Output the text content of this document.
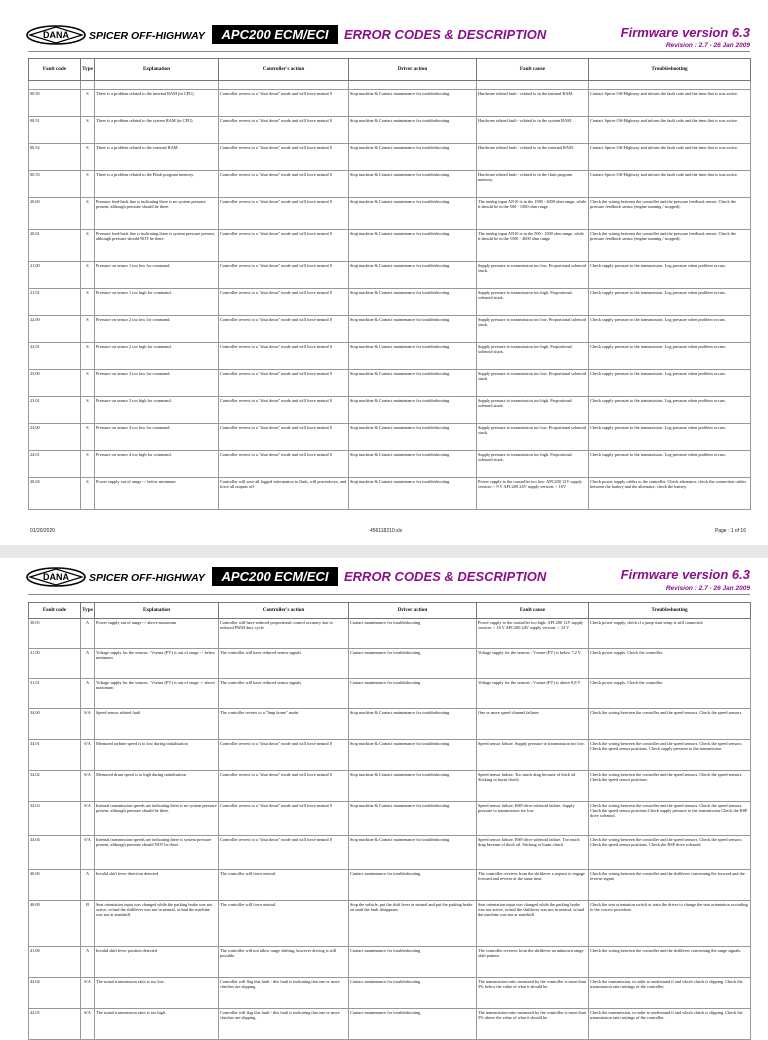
DANA SPICER OFF-HIGHWAY	APC200 ECM/ECI	ERROR CODES & DESCRIPTION	Firmware version 6.3
Revision : 2.7 - 26 Jan 2009
Fault code	Type	Explanation	Controller's action	Driver action	Fault cause	Troubleshooting

00.50	S	There is a problem related to the internal RAM (in CPU).	Controller reverts to a "shut down" mode and will force neutral 0	Stop machine & Contact maintenance for troubleshooting	Hardware related fault - related to in the internal RAM.	Contact Spicer Off-Highway and inform the fault code and the time that is was active.
00.51	S	There is a problem related to the system RAM (in CPU).	Controller reverts to a "shut down" mode and will force neutral 0	Stop machine & Contact maintenance for troubleshooting	Hardware related fault - related to in the system RAM.	Contact Spicer Off-Highway and inform the fault code and the time that is was active.
00.52	S	There is a problem related to the external RAM.	Controller reverts to a "shut down" mode and will force neutral 0	Stop machine & Contact maintenance for troubleshooting	Hardware related fault - related to in the external RAM.	Contact Spicer Off-Highway and inform the fault code and the time that is was active.
00.53	S	There is a problem related to the Flash program memory.	Controller reverts to a "shut down" mode and will force neutral 0	Stop machine & Contact maintenance for troubleshooting	Hardware related fault - related to in the flash program memory.	Contact Spicer Off-Highway and inform the fault code and the time that is was active.
20.60	S	Pressure feed-back line is indicating there is no system pressure present, although pressure should be there.	Controller reverts to a "shut down" mode and will force neutral 0	Stop machine & Contact maintenance for troubleshooting	The analog input AN10 is in the 1580 - 4000 ohm range, while it should be in the 500 - 1500 ohm range	Check the wiring between the controller and the pressure feedback sensor. Check the pressure feedback sensor (engine running / stopped).
20.61	S	Pressure feed-back line is indicating there is system pressure present, although pressure should NOT be there.	Controller reverts to a "shut down" mode and will force neutral 0	Stop machine & Contact maintenance for troubleshooting	The analog input AN10 is in the 500 - 1500 ohm range, while it should be in the 1500 - 4000 ohm range	Check the wiring between the controller and the pressure feedback sensor. Check the pressure feedback sensor (engine running / stopped).
21.00	S	Pressure on sensor 1 too low for command.	Controller reverts to a "shut down" mode and will force neutral 0	Stop machine & Contact maintenance for troubleshooting	Supply pressure to transmission too low. Proportional solenoid stuck.	Check supply pressure to the transmission. Log pressure when problem occurs.
21.01	S	Pressure on sensor 1 too high for command.	Controller reverts to a "shut down" mode and will force neutral 0	Stop machine & Contact maintenance for troubleshooting	Supply pressure to transmission too high. Proportional solenoid stuck.	Check supply pressure to the transmission. Log pressure when problem occurs.
22.00	S	Pressure on sensor 2 too low for command.	Controller reverts to a "shut down" mode and will force neutral 0	Stop machine & Contact maintenance for troubleshooting	Supply pressure to transmission too low. Proportional solenoid stuck.	Check supply pressure to the transmission. Log pressure when problem occurs.
22.01	S	Pressure on sensor 2 too high for command.	Controller reverts to a "shut down" mode and will force neutral 0	Stop machine & Contact maintenance for troubleshooting	Supply pressure to transmission too high. Proportional solenoid stuck.	Check supply pressure to the transmission. Log pressure when problem occurs.
23.00	S	Pressure on sensor 3 too low for command.	Controller reverts to a "shut down" mode and will force neutral 0	Stop machine & Contact maintenance for troubleshooting	Supply pressure to transmission too low. Proportional solenoid stuck.	Check supply pressure to the transmission. Log pressure when problem occurs.
23.01	S	Pressure on sensor 3 too high for command.	Controller reverts to a "shut down" mode and will force neutral 0	Stop machine & Contact maintenance for troubleshooting	Supply pressure to transmission too high. Proportional solenoid stuck.	Check supply pressure to the transmission. Log pressure when problem occurs.
24.00	S	Pressure on sensor 4 too low for command.	Controller reverts to a "shut down" mode and will force neutral 0	Stop machine & Contact maintenance for troubleshooting	Supply pressure to transmission too low. Proportional solenoid stuck.	Check supply pressure to the transmission. Log pressure when problem occurs.
24.01	S	Pressure on sensor 4 too high for command.	Controller reverts to a "shut down" mode and will force neutral 0	Stop machine & Contact maintenance for troubleshooting	Supply pressure to transmission too high. Proportional solenoid stuck.	Check supply pressure to the transmission. Log pressure when problem occurs.
30.04	S	Power supply out of range -> below minimum	Controller will save all logged information to flash, will powerdown, and force all outputs off	Stop machine & Contact maintenance for troubleshooting	Power supply to the controller too low: APC200 12V supply version: < 9 V APC200 24V supply version: < 16V	Check power supply cables to the controller. Check alternator, check the connection cables between the battery and the alternator, check the battery.
01/20/2020	456118210.xls	Page : 1 of 16
DANA SPICER OFF-HIGHWAY	APC200 ECM/ECI	ERROR CODES & DESCRIPTION	Firmware version 6.3
Revision : 2.7 - 26 Jan 2009
Fault code	Type	Explanation	Controller's action	Driver action	Fault cause	Troubleshooting
30.05	A	Power supply out of range -> above maximum	Controller will have reduced proportional control accuracy due to reduced PWM duty cycle	Contact maintenance for troubleshooting	Power supply to the controller too high: APC200 12V supply version: > 16 V APC200 24V supply version: > 32 V	Check power supply, check if a jump start setup is still connected.
31.00	A	Voltage supply for the sensors : Vsense (FV) is out of range -> below minimum	The controller will have reduced sensor signals	Contact maintenance for troubleshooting	Voltage supply for the sensors : Vsense (FV) is below 7,2 V	Check power supply. Check the controller.
31.01	A	Voltage supply for the sensors : Vsense (FV) is out of range -> above maximum	The controller will have reduced sensor signals	Contact maintenance for troubleshooting	Voltage supply for the sensors : Vsense (FV) is above 8,8 V	Check power supply. Check the controller.
34.00	S/A	Speed sensor related fault	The controller reverts to a "limp home" mode.	Stop machine & Contact maintenance for troubleshooting	One or more speed channel failures	Check the wiring between the controller and the speed sensors. Check the speed sensors.
34.01	S/A	Measured turbine speed is to low during initialisation	Controller reverts to a "shut down" mode and will force neutral 0	Stop machine & Contact maintenance for troubleshooting	Speed sensor failure. Supply pressure to transmission too low.	Check the wiring between the controller and the speed sensors. Check the speed sensors. Check the speed sensor positions. Check supply pressure to the transmission
34.02	S/A	Measured drum speed is to high during initialisation	Controller reverts to a "shut down" mode and will force neutral 0	Stop machine & Contact maintenance for troubleshooting	Speed sensor failure. Too much drag because of thick oil. Sticking or burnt clutch	Check the wiring between the controller and the speed sensors. Check the speed sensors. Check the speed sensor positions.
34.03	S/A	Internal transmission speeds are indicating there is no system pressure present, although pressure should be there.	Controller reverts to a "shut down" mode and will force neutral 0	Stop machine & Contact maintenance for troubleshooting	Speed sensor failure, RSP drive solenoid failure. Supply pressure to transmission too low.	Check the wiring between the controller and the speed sensors. Check the speed sensors. Check the speed sensor positions.Check supply pressure to the transmission.Check the RSP drive solenoid.
34.04	S/A	Internal transmission speeds are indicating there is system pressure present, although pressure should NOT be there.	Controller reverts to a "shut down" mode and will force neutral 0	Stop machine & Contact maintenance for troubleshooting	Speed sensor failure, RSP drive solenoid failure. Too much drag because of thick oil. Sticking or burnt clutch	Check the wiring between the controller and the speed sensors. Check the speed sensors. Check the speed sensor positions. Check the RSP drive solenoid.
40.06	A	Invalid shift lever direction detected	The controller will force neutral.	Contact maintenance for troubleshooting	The controller receives from the shiftlever a request to engage forward and reverse at the same time.	Check the wiring between the controller and the shiftlever concerning the forward and the reverse signal.
40.08	B	Seat orientation input was changed while the parking brake was not active, or/and the shiftlever was not in neutral, or/and the machine was not at standstill.	The controller will force neutral.	Stop the vehicle, put the shift lever in neutral and put the parking brake on until the fault disappears.	Seat orientation input was changed while the parking brake was not active, or/and the shiftlever was not in neutral, or/and the machine was not at standstill	Check the seat orientation switch or train the driver to change the seat orientation according to the correct procedure.
41.06	A	Invalid shift lever position detected	The controller will not allow range shifting, however driving is still possible.	Contact maintenance for troubleshooting	The controller receives from the shiftlever an unknown range shift pattern.	Check the wiring between the controller and the shiftlever concerning the range signals.
42.04	S/A	The actual transmission ratio is too low.	Controller will flag this fault - this fault is indicating that one or more clutches are slipping.	Contact maintenance for troubleshooting	The transmission ratio measured by the controller is more than 5% below the value of what it should be.	Check the transmission, in order to understand if and which clutch is slipping. Check the transmission ratio settings of the controller.
42.05	S/A	The actual transmission ratio is too high.	Controller will flag this fault - this fault is indicating that one or more clutches are slipping.	Contact maintenance for troubleshooting	The transmission ratio measured by the controller is more than 5% above the value of what it should be.	Check the transmission, in order to understand if and which clutch is slipping. Check the transmission ratio settings of the controller.
